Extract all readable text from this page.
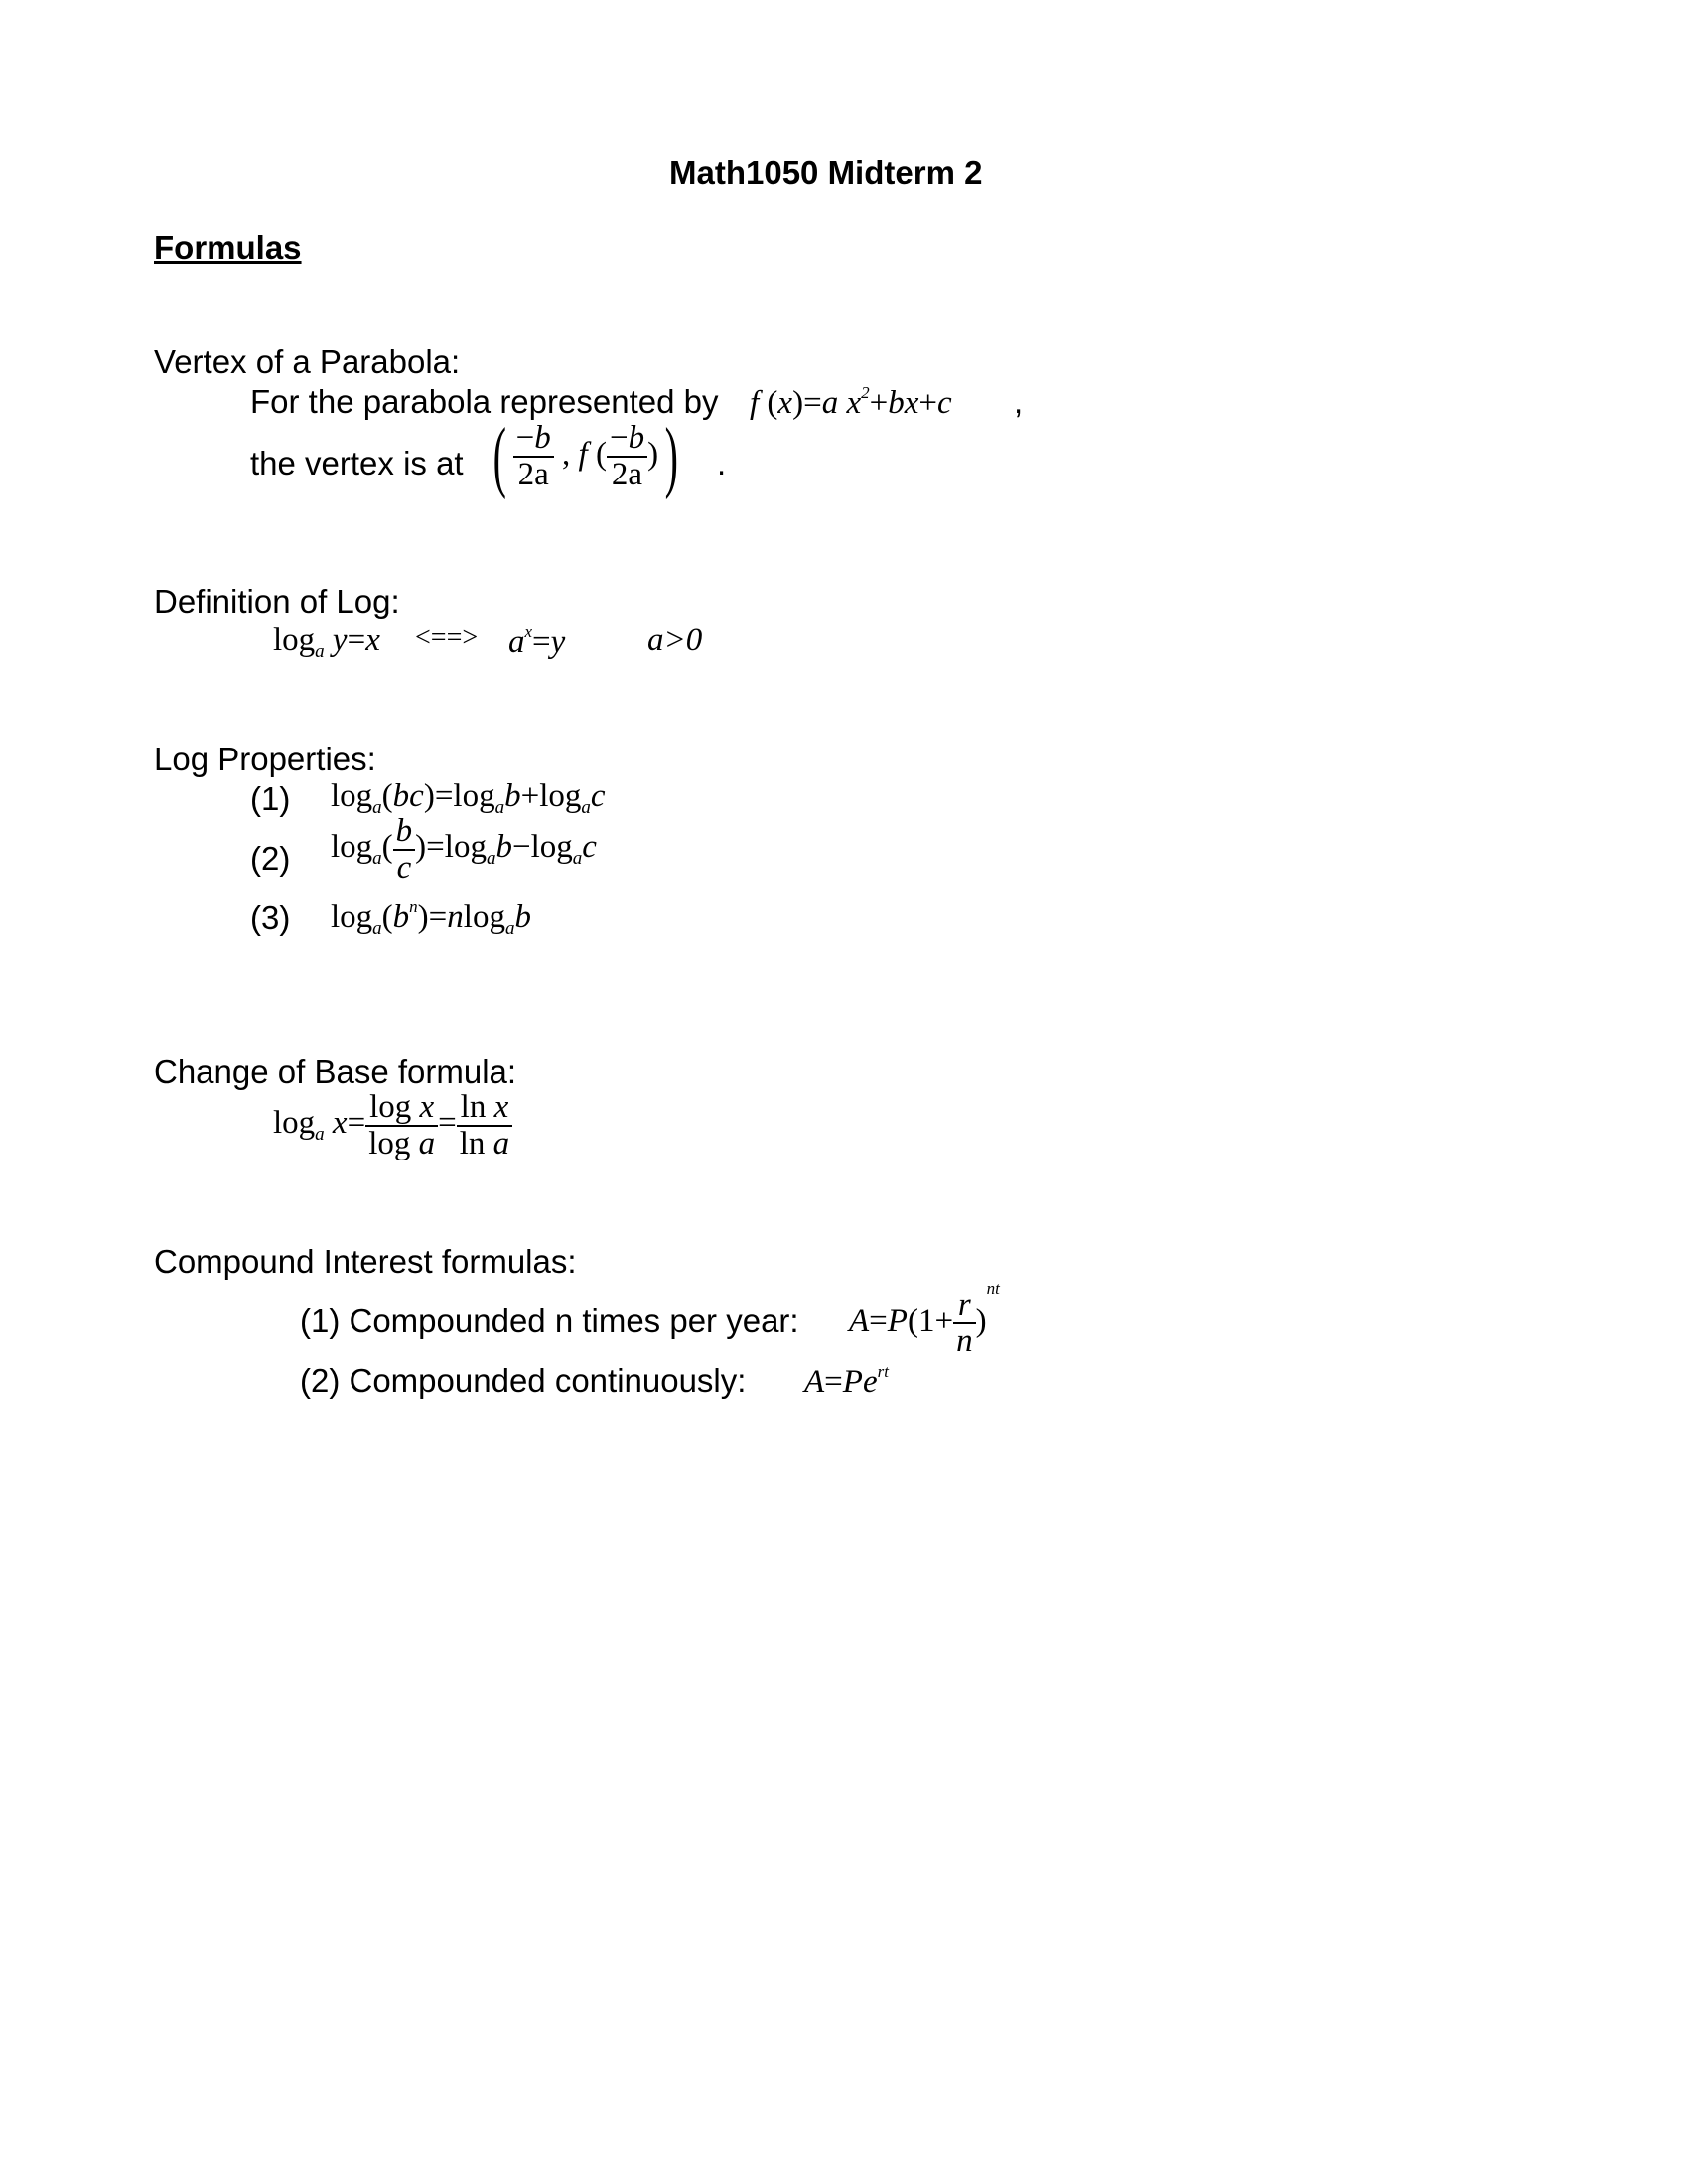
Math1050 Midterm 2
Formulas
Vertex of a Parabola:
For the parabola represented by f (x)=a $x^2+bx+c$ ,
the vertex is at ( $\frac{-b}{2a}$ , f ( $\frac{-b}{2a}$ )) .
Definition of Log:
$\log_a y=x$ <==> $a^x=y$	a>0
Log Properties:
(1) $\log_a(bc)=\log_ab+\log_ac$
(2) $\log_a( \frac{b}{c} )=\log_ab-\log_ac$
(3) $\log_a(b^n)=nlog_ab$
Change of Base formula:
$\log_a x= \frac{\text{log x}}{\text{log a}} = \frac{\text{ln x}}{\text{ln a}}$
Compound Interest formulas:
(1) Compounded n times per year: $A=P(1+ \frac{r}{n} )^{nt}$
(2) Compounded continuously: $A=Pe^{rt}$
